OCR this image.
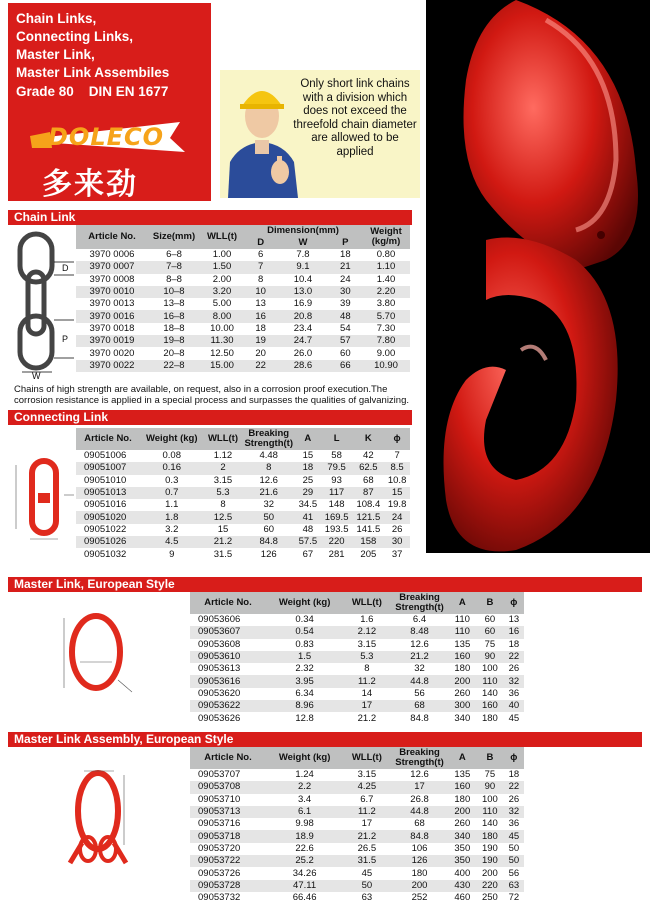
Chain Links,
Connecting Links,
Master Link,
Master Link Assembiles
Grade 80    DIN EN 1677
DOLECO
多来劲
Only short link chains with a division which does not exceed the threefold chain diameter are allowed to be applied
Chain Link
D
P
W
Article No.	Size(mm)	WLL(t)	Dimension(mm)			Weight (kg/m)
			D	W	P	
3970 0006	6–8	1.00	6	7.8	18	0.80
3970 0007	7–8	1.50	7	9.1	21	1.10
3970 0008	8–8	2.00	8	10.4	24	1.40
3970 0010	10–8	3.20	10	13.0	30	2.20
3970 0013	13–8	5.00	13	16.9	39	3.80
3970 0016	16–8	8.00	16	20.8	48	5.70
3970 0018	18–8	10.00	18	23.4	54	7.30
3970 0019	19–8	11.30	19	24.7	57	7.80
3970 0020	20–8	12.50	20	26.0	60	9.00
3970 0022	22–8	15.00	22	28.6	66	10.90
Chains of high strength are available, on request, also in a corrosion proof execution.The corrosion resistance is applied in a special process and surpasses the qualities of galvanizing.
Connecting Link
Article No.	Weight (kg)	WLL(t)	Breaking Strength(t)	A	L	K	ϕ
09051006	0.08	1.12	4.48	15	58	42	7
09051007	0.16	2	8	18	79.5	62.5	8.5
09051010	0.3	3.15	12.6	25	93	68	10.8
09051013	0.7	5.3	21.6	29	117	87	15
09051016	1.1	8	32	34.5	148	108.4	19.8
09051020	1.8	12.5	50	41	169.5	121.5	24
09051022	3.2	15	60	48	193.5	141.5	26
09051026	4.5	21.2	84.8	57.5	220	158	30
09051032	9	31.5	126	67	281	205	37
Master Link, European Style
Article No.	Weight (kg)	WLL(t)	Breaking Strength(t)	A	B	ϕ
09053606	0.34	1.6	6.4	110	60	13
09053607	0.54	2.12	8.48	110	60	16
09053608	0.83	3.15	12.6	135	75	18
09053610	1.5	5.3	21.2	160	90	22
09053613	2.32	8	32	180	100	26
09053616	3.95	11.2	44.8	200	110	32
09053620	6.34	14	56	260	140	36
09053622	8.96	17	68	300	160	40
09053626	12.8	21.2	84.8	340	180	45
Master Link Assembly, European Style
Article No.	Weight (kg)	WLL(t)	Breaking Strength(t)	A	B	ϕ
09053707	1.24	3.15	12.6	135	75	18
09053708	2.2	4.25	17	160	90	22
09053710	3.4	6.7	26.8	180	100	26
09053713	6.1	11.2	44.8	200	110	32
09053716	9.98	17	68	260	140	36
09053718	18.9	21.2	84.8	340	180	45
09053720	22.6	26.5	106	350	190	50
09053722	25.2	31.5	126	350	190	50
09053726	34.26	45	180	400	200	56
09053728	47.11	50	200	430	220	63
09053732	66.46	63	252	460	250	72
